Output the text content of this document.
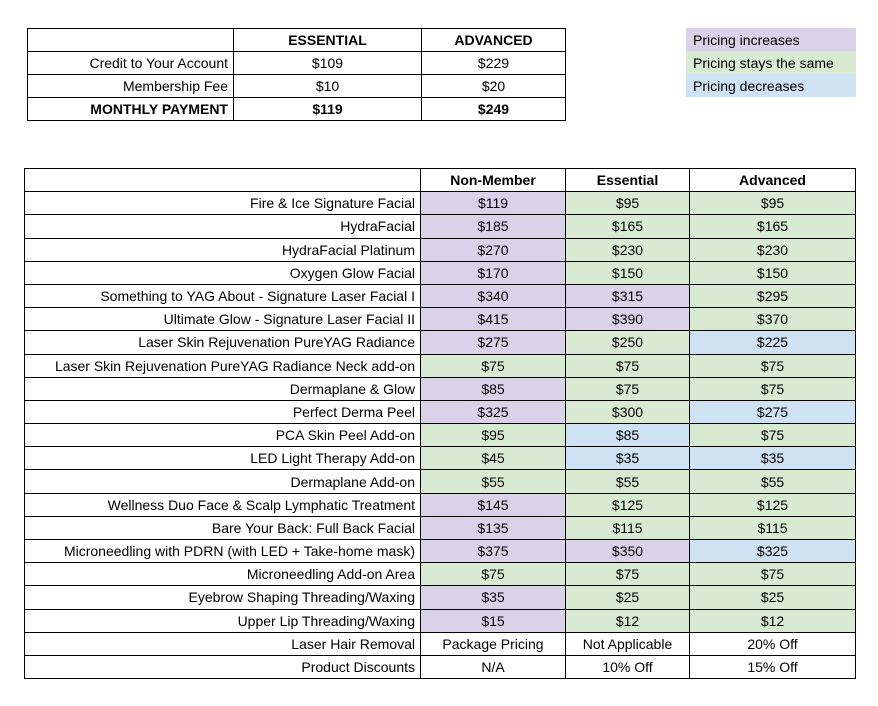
	ESSENTIAL	ADVANCED
Credit to Your Account	$109	$229
Membership Fee	$10	$20
MONTHLY PAYMENT	$119	$249
Pricing increases
Pricing stays the same
Pricing decreases
	Non-Member	Essential	Advanced
Fire & Ice Signature Facial	$119	$95	$95
HydraFacial	$185	$165	$165
HydraFacial Platinum	$270	$230	$230
Oxygen Glow Facial	$170	$150	$150
Something to YAG About - Signature Laser Facial I	$340	$315	$295
Ultimate Glow - Signature Laser Facial II	$415	$390	$370
Laser Skin Rejuvenation PureYAG Radiance	$275	$250	$225
Laser Skin Rejuvenation PureYAG Radiance Neck add-on	$75	$75	$75
Dermaplane & Glow	$85	$75	$75
Perfect Derma Peel	$325	$300	$275
PCA Skin Peel Add-on	$95	$85	$75
LED Light Therapy Add-on	$45	$35	$35
Dermaplane Add-on	$55	$55	$55
Wellness Duo Face & Scalp Lymphatic Treatment	$145	$125	$125
Bare Your Back: Full Back Facial	$135	$115	$115
Microneedling with PDRN (with LED + Take-home mask)	$375	$350	$325
Microneedling Add-on Area	$75	$75	$75
Eyebrow Shaping Threading/Waxing	$35	$25	$25
Upper Lip Threading/Waxing	$15	$12	$12
Laser Hair Removal	Package Pricing	Not Applicable	20% Off
Product Discounts	N/A	10% Off	15% Off
